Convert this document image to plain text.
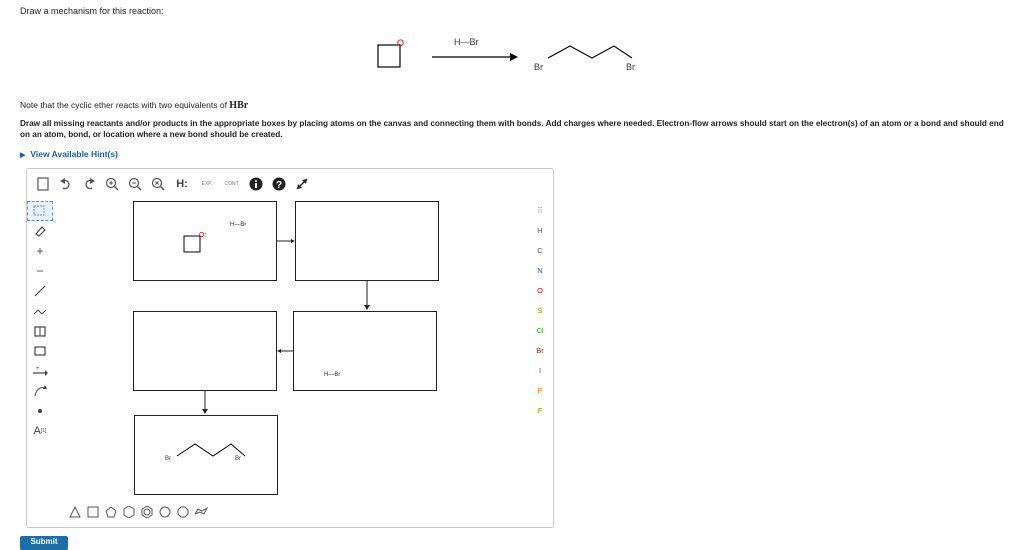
Draw a mechanism for this reaction:
O	H—Br
Br	Br
Note that the cyclic ether reacts with two equivalents of HBr
Draw all missing reactants and/or products in the appropriate boxes by placing atoms on the canvas and connecting them with bonds. Add charges where needed. Electron-flow arrows should start on the electron(s) of an atom or a bond and should end on an atom, bond, or location where a new bond should be created.
▶ View Available Hint(s)
H:	EXP.	CONT.	?
+
−
+
A [1]
⠿
H
C
N
O
S
Cl
Br
I
P
F
O:
H—Br
H—Br
Br	Br
Submit
